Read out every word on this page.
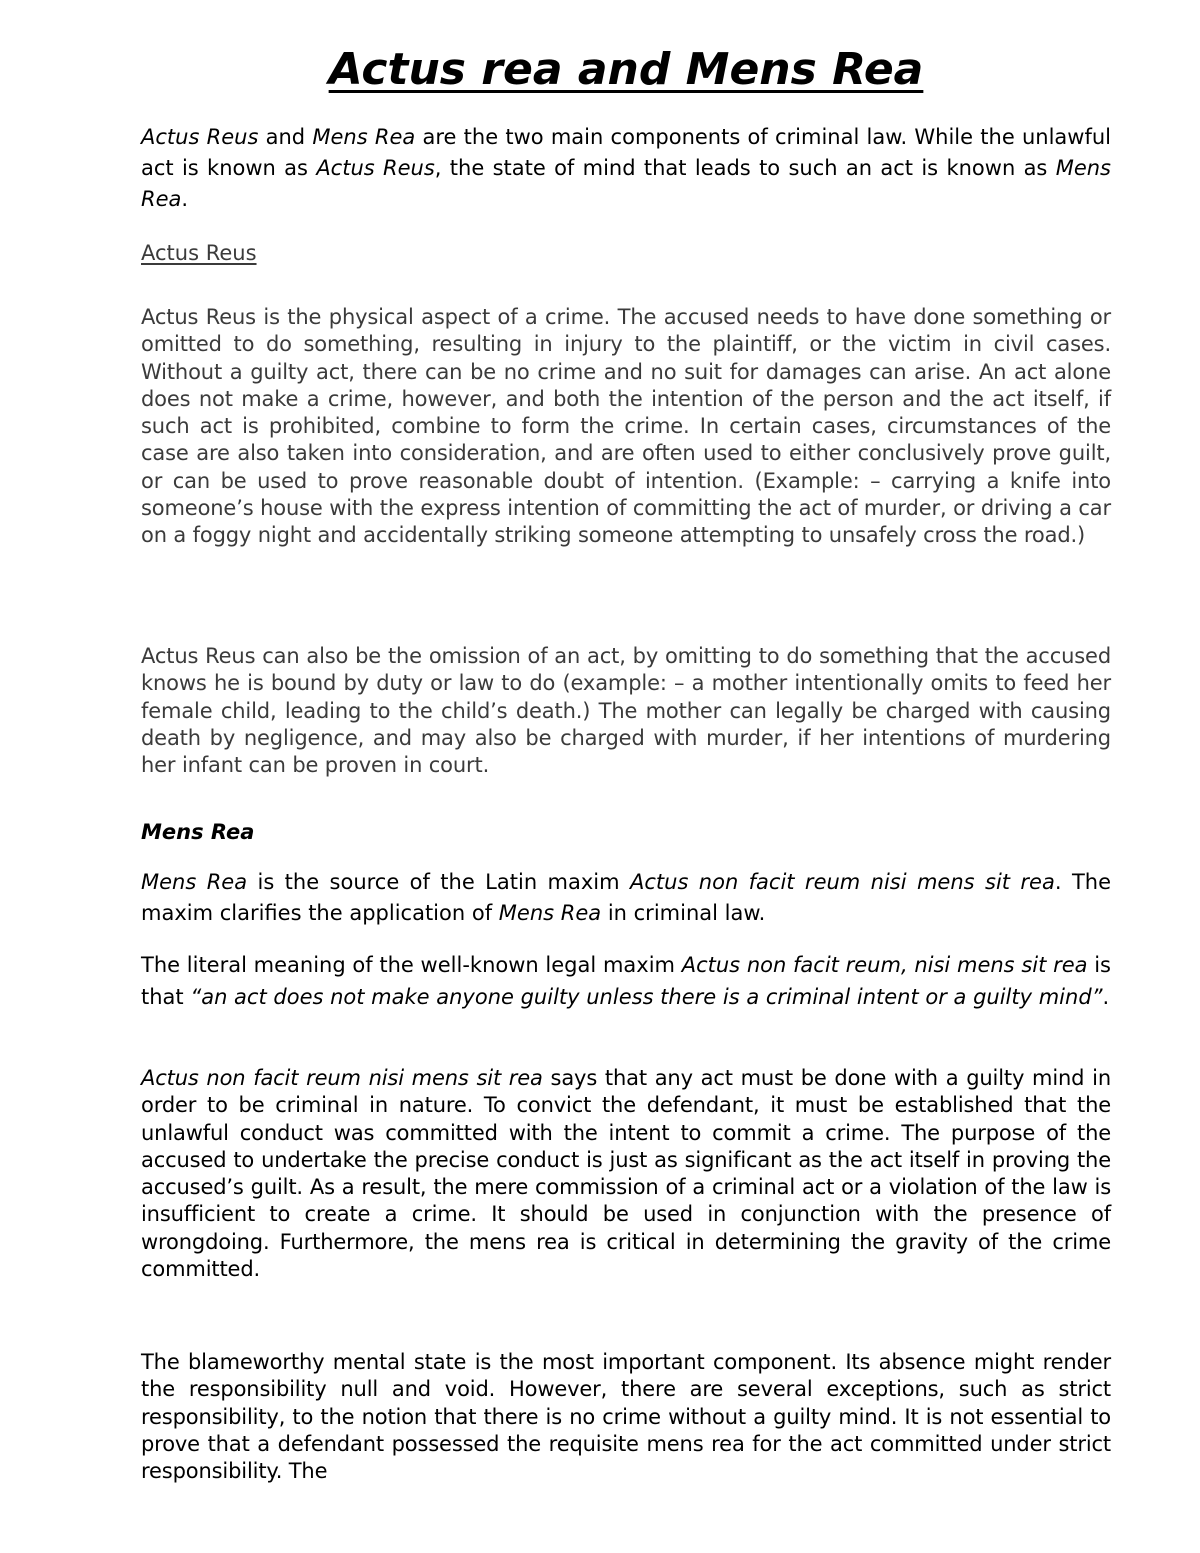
Actus rea and Mens Rea

Actus Reus and Mens Rea are the two main components of criminal law. While the unlawful act is known as Actus Reus, the state of mind that leads to such an act is known as Mens Rea.

Actus Reus

Actus Reus is the physical aspect of a crime. The accused needs to have done something or omitted to do something, resulting in injury to the plaintiff, or the victim in civil cases. Without a guilty act, there can be no crime and no suit for damages can arise. An act alone does not make a crime, however, and both the intention of the person and the act itself, if such act is prohibited, combine to form the crime. In certain cases, circumstances of the case are also taken into consideration, and are often used to either conclusively prove guilt, or can be used to prove reasonable doubt of intention. (Example: – carrying a knife into someone’s house with the express intention of committing the act of murder, or driving a car on a foggy night and accidentally striking someone attempting to unsafely cross the road.)

Actus Reus can also be the omission of an act, by omitting to do something that the accused knows he is bound by duty or law to do (example: – a mother intentionally omits to feed her female child, leading to the child’s death.) The mother can legally be charged with causing death by negligence, and may also be charged with murder, if her intentions of murdering her infant can be proven in court.

Mens Rea

Mens Rea is the source of the Latin maxim Actus non facit reum nisi mens sit rea. The maxim clarifies the application of Mens Rea in criminal law.

The literal meaning of the well-known legal maxim Actus non facit reum, nisi mens sit rea is that “an act does not make anyone guilty unless there is a criminal intent or a guilty mind”.

Actus non facit reum nisi mens sit rea says that any act must be done with a guilty mind in order to be criminal in nature. To convict the defendant, it must be established that the unlawful conduct was committed with the intent to commit a crime. The purpose of the accused to undertake the precise conduct is just as significant as the act itself in proving the accused’s guilt. As a result, the mere commission of a criminal act or a violation of the law is insufficient to create a crime. It should be used in conjunction with the presence of wrongdoing. Furthermore, the mens rea is critical in determining the gravity of the crime committed.

The blameworthy mental state is the most important component. Its absence might render the responsibility null and void. However, there are several exceptions, such as strict responsibility, to the notion that there is no crime without a guilty mind. It is not essential to prove that a defendant possessed the requisite mens rea for the act committed under strict responsibility. The
